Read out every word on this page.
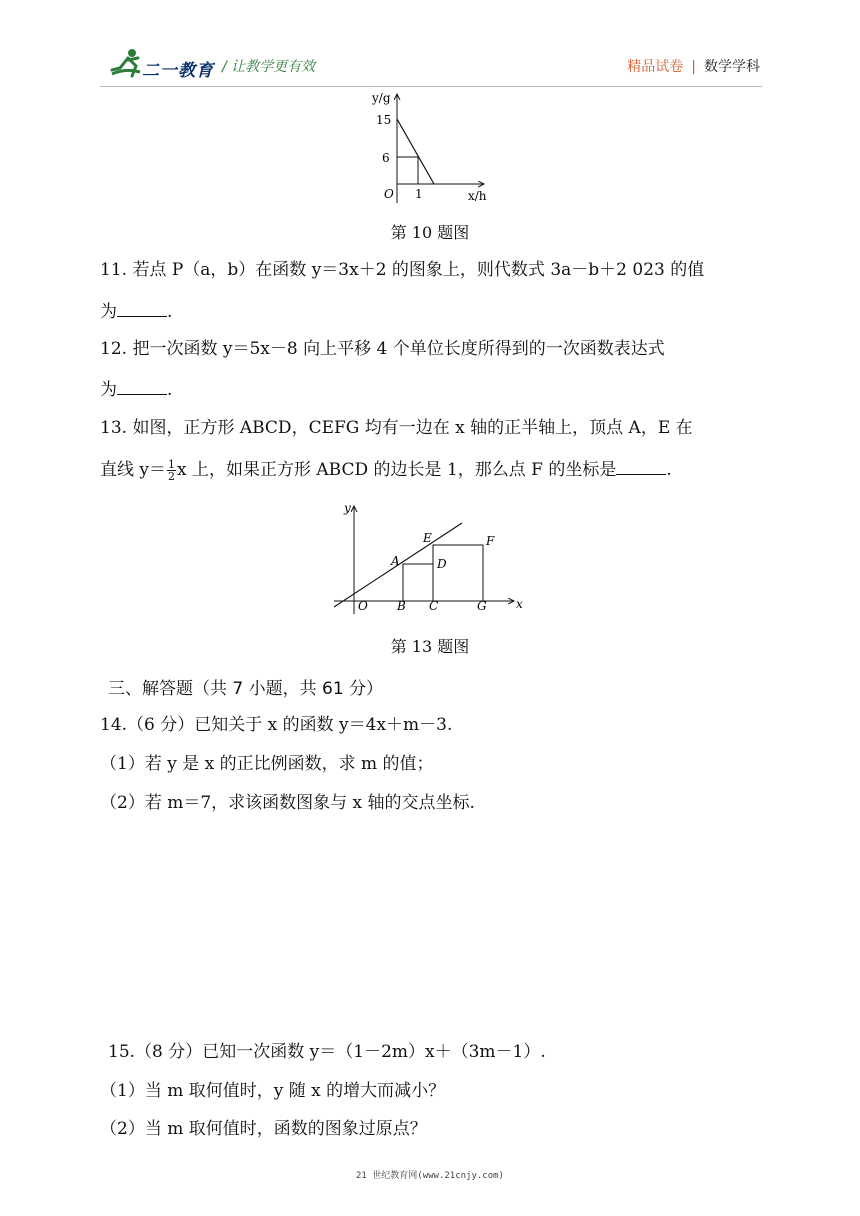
二一教育 / 让教学更有效	精品试卷 | 数学学科
y/g
15
6
O 1	x/h
第 10 题图
11. 若点 P（a，b）在函数 y＝3x＋2 的图象上，则代数式 3a－b＋2 023 的值
为	.
12. 把一次函数 y＝5x－8 向上平移 4 个单位长度所得到的一次函数表达式
为	.
13. 如图，正方形 ABCD，CEFG 均有一边在 x 轴的正半轴上，顶点 A，E 在
直线 $y= \frac{1}{2}$ x 上，如果正方形 ABCD 的边长是 1，那么点 F 的坐标是	.
y
x
O
A
B C
D
E	F
G
第 13 题图
三、解答题（共 7 小题，共 61 分）
14.（6 分）已知关于 x 的函数 y＝4x＋m－3.
（1）若 y 是 x 的正比例函数，求 m 的值；
（2）若 m＝7，求该函数图象与 x 轴的交点坐标.
15.（8 分）已知一次函数 y＝（1－2m）x＋（3m－1）.
（1）当 m 取何值时，y 随 x 的增大而减小？
（2）当 m 取何值时，函数的图象过原点？
21 世纪教育网(www.21cnjy.com)
